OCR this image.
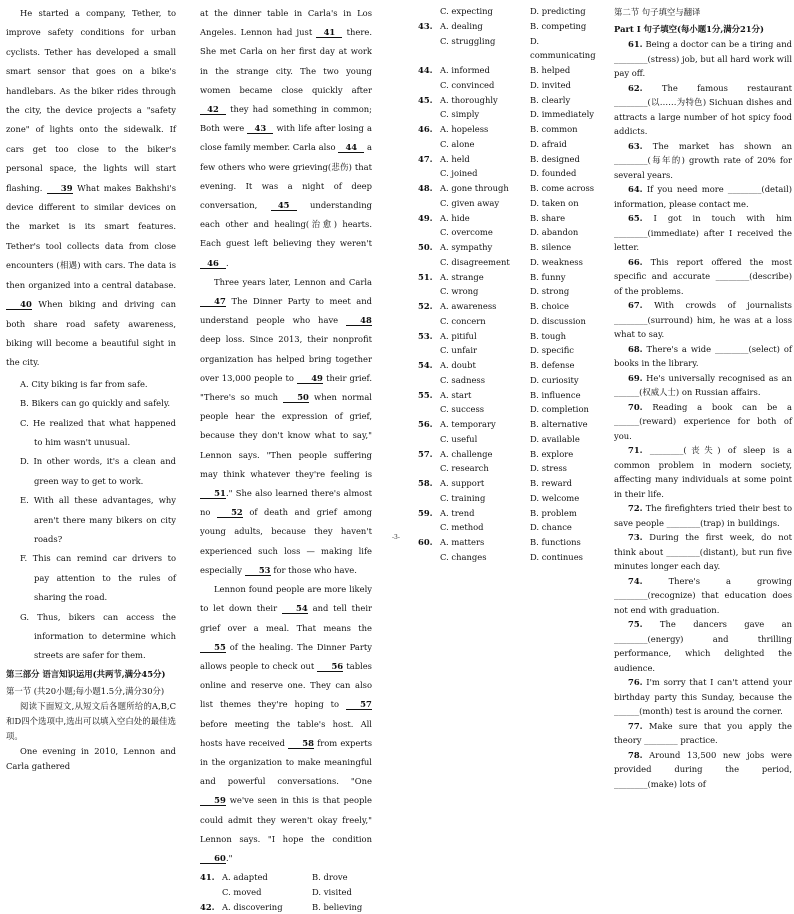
He started a company, Tether, to improve safety conditions for urban cyclists. Tether has developed a small smart sensor that goes on a bike's handlebars. As the biker rides through the city, the device projects a "safety zone" of lights onto the sidewalk. If cars get too close to the biker's personal space, the lights will start flashing. 39 What makes Bakhshi's device different to similar devices on the market is its smart features. Tether's tool collects data from close encounters (相遇) with cars. The data is then organized into a central database. 40 When biking and driving can both share road safety awareness, biking will become a beautiful sight in the city.

A. City biking is far from safe.

B. Bikers can go quickly and safely.

C. He realized that what happened to him wasn't unusual.

D. In other words, it's a clean and green way to get to work.

E. With all these advantages, why aren't there many bikers on city roads?

F. This can remind car drivers to pay attention to the rules of sharing the road.

G. Thus, bikers can access the information to determine which streets are safer for them.

第三部分 语言知识运用(共两节,满分45分)

第一节 (共20小题;每小题1.5分,满分30分)

阅读下面短文,从短文后各题所给的A,B,C和D四个选项中,选出可以填入空白处的最佳选项。

One evening in 2010, Lennon and Carla gathered

at the dinner table in Carla's in Los Angeles. Lennon had just 41 there. She met Carla on her first day at work in the strange city. The two young women became close quickly after 42 they had something in common; Both were 43 with life after losing a close family member. Carla also 44 a few others who were grieving(悲伤) that evening. It was a night of deep conversation, 45 understanding each other and healing(治愈) hearts. Each guest left believing they weren't 46 .

Three years later, Lennon and Carla 47 The Dinner Party to meet and understand people who have 48 deep loss. Since 2013, their nonprofit organization has helped bring together over 13,000 people to 49 their grief. "There's so much 50 when normal people hear the expression of grief, because they don't know what to say," Lennon says. "Then people suffering may think whatever they're feeling is 51." She also learned there's almost no 52 of death and grief among young adults, because they haven't experienced such loss — making life especially 53 for those who have.

Lennon found people are more likely to let down their 54 and tell their grief over a meal. That means the 55 of the healing. The Dinner Party allows people to check out 56 tables online and reserve one. They can also list themes they're hoping to 57 before meeting the table's host. All hosts have received 58 from experts in the organization to make meaningful and powerful conversations. "One 59 we've seen in this is that people could admit they weren't okay freely," Lennon says. "I hope the condition 60."

41. A. adapted	B. drove
C. moved	D. visited
42. A. discovering	B. believing
C. expecting	D. predicting
43. A. dealing	B. competing
C. struggling	D. communicating
44. A. informed	B. helped
C. convinced	D. invited
45. A. thoroughly	B. clearly
C. simply	D. immediately
46. A. hopeless	B. common
C. alone	D. afraid
47. A. held	B. designed
C. joined	D. founded
48. A. gone through	B. come across
C. given away	D. taken on
49. A. hide	B. share
C. overcome	D. abandon
50. A. sympathy	B. silence
C. disagreement	D. weakness
51. A. strange	B. funny
C. wrong	D. strong
52. A. awareness	B. choice
C. concern	D. discussion
53. A. pitiful	B. tough
C. unfair	D. specific
54. A. doubt	B. defense
C. sadness	D. curiosity
55. A. start	B. influence
C. success	D. completion
56. A. temporary	B. alternative
C. useful	D. available
57. A. challenge	B. explore
C. research	D. stress
58. A. support	B. reward
C. training	D. welcome
59. A. trend	B. problem
C. method	D. chance
60. A. matters	B. functions
C. changes	D. continues

第二节 句子填空与翻译

Part Ⅰ 句子填空(每小题1分,满分21分)

61. Being a doctor can be a tiring and ________(stress) job, but all hard work will pay off.

62. The famous restaurant ________(以……为特色) Sichuan dishes and attracts a large number of hot spicy food addicts.

63. The market has shown an ________(每年的) growth rate of 20% for several years.

64. If you need more ________(detail) information, please contact me.

65. I got in touch with him ________(immediate) after I received the letter.

66. This report offered the most specific and accurate ________(describe) of the problems.

67. With crowds of journalists ________(surround) him, he was at a loss what to say.

68. There's a wide ________(select) of books in the library.

69. He's universally recognised as an ______(权威人士) on Russian affairs.

70. Reading a book can be a ______(reward) experience for both of you.

71. ________(丧失) of sleep is a common problem in modern society, affecting many individuals at some point in their life.

72. The firefighters tried their best to save people ________(trap) in buildings.

73. During the first week, do not think about ________(distant), but run five minutes longer each day.

74.	There's a growing ________(recognize) that education does not end with graduation.

75. The dancers gave an ________(energy) and thrilling performance, which delighted the audience.

76. I'm sorry that I can't attend your birthday party this Sunday, because the ______(month) test is around the corner.

77. Make sure that you apply the theory ________ practice.

78. Around 13,500 new jobs were provided during the period, ________(make) lots of

-3-
